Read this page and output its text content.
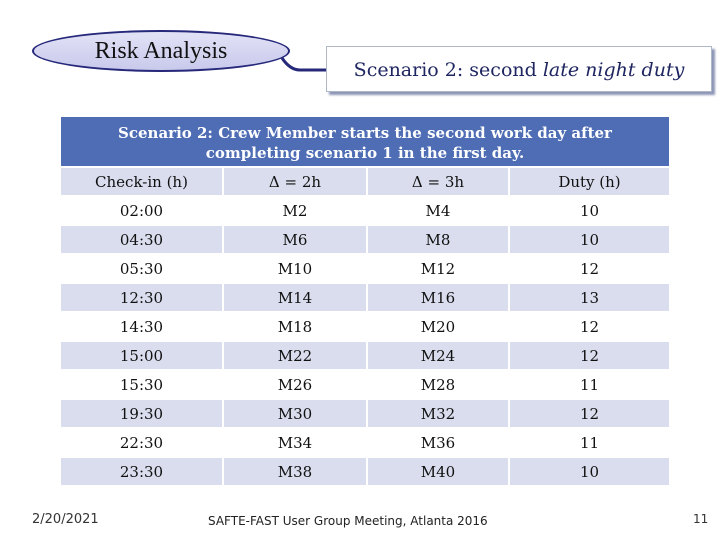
Risk Analysis
Scenario 2: second late night duty
Scenario 2: Crew Member starts the second work day after completing scenario 1 in the first day.
Check-in (h)	Δ = 2h	Δ = 3h	Duty (h)
02:00	M2	M4	10
04:30	M6	M8	10
05:30	M10	M12	12
12:30	M14	M16	13
14:30	M18	M20	12
15:00	M22	M24	12
15:30	M26	M28	11
19:30	M30	M32	12
22:30	M34	M36	11
23:30	M38	M40	10
2/20/2021	SAFTE-FAST User Group Meeting, Atlanta 2016	11
